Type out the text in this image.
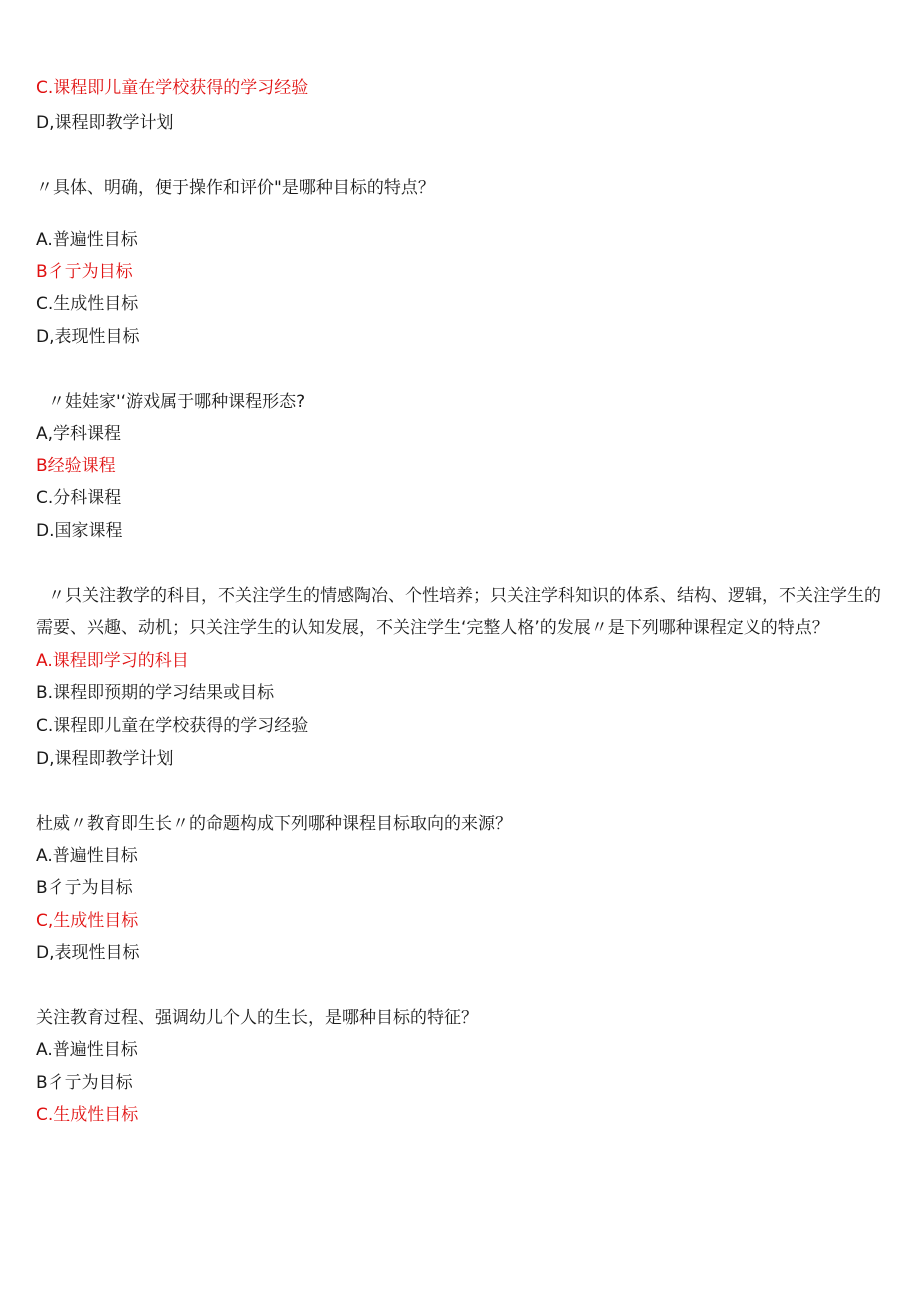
C.课程即儿童在学校获得的学习经验
D,课程即教学计划
〃具体、明确，便于操作和评价"是哪种目标的特点？
A.普遍性目标
B彳亍为目标
C.生成性目标
D,表现性目标
〃娃娃家'‘游戏属于哪种课程形态?
A,学科课程
B经验课程
C.分科课程
D.国家课程
〃只关注教学的科目，不关注学生的情感陶冶、个性培养；只关注学科知识的体系、结构、逻辑，不关注学生的
需要、兴趣、动机；只关注学生的认知发展，不关注学生‘完整人格’的发展〃是下列哪种课程定义的特点？
A.课程即学习的科目
B.课程即预期的学习结果或目标
C.课程即儿童在学校获得的学习经验
D,课程即教学计划
杜威〃教育即生长〃的命题构成下列哪种课程目标取向的来源？
A.普遍性目标
B彳亍为目标
C,生成性目标
D,表现性目标
关注教育过程、强调幼儿个人的生长，是哪种目标的特征？
A.普遍性目标
B彳亍为目标
C.生成性目标
